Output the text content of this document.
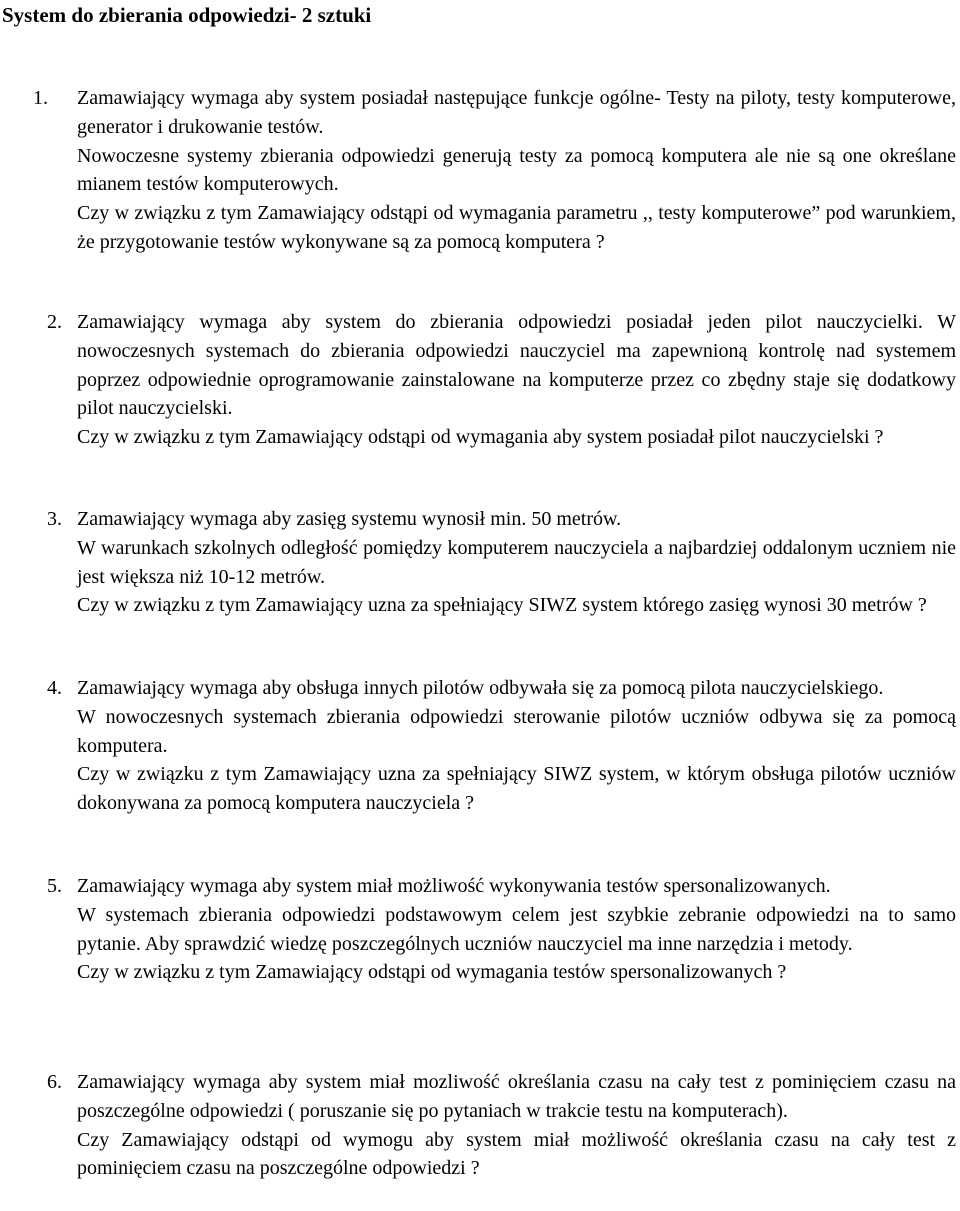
System do zbierania odpowiedzi- 2 sztuki
1. Zamawiający wymaga aby system posiadał następujące funkcje ogólne- Testy na piloty, testy komputerowe, generator i drukowanie testów.

Nowoczesne systemy zbierania odpowiedzi generują testy za pomocą komputera ale nie są one określane mianem testów komputerowych.

Czy w związku z tym Zamawiający odstąpi od wymagania parametru ,, testy komputerowe” pod warunkiem, że przygotowanie testów wykonywane są za pomocą komputera ?

2. Zamawiający wymaga aby system do zbierania odpowiedzi posiadał jeden pilot nauczycielki. W nowoczesnych systemach do zbierania odpowiedzi nauczyciel ma zapewnioną kontrolę nad systemem poprzez odpowiednie oprogramowanie zainstalowane na komputerze przez co zbędny staje się dodatkowy pilot nauczycielski.

Czy w związku z tym Zamawiający odstąpi od wymagania aby system posiadał pilot nauczycielski ?

3. Zamawiający wymaga aby zasięg systemu wynosił min. 50 metrów.

W warunkach szkolnych odległość pomiędzy komputerem nauczyciela a najbardziej oddalonym uczniem nie jest większa niż 10-12 metrów.

Czy w związku z tym Zamawiający uzna za spełniający SIWZ system którego zasięg wynosi 30 metrów ?

4. Zamawiający wymaga aby obsługa innych pilotów odbywała się za pomocą pilota nauczycielskiego.

W nowoczesnych systemach zbierania odpowiedzi sterowanie pilotów uczniów odbywa się za pomocą komputera.

Czy w związku z tym Zamawiający uzna za spełniający SIWZ system, w którym obsługa pilotów uczniów dokonywana za pomocą komputera nauczyciela ?

5. Zamawiający wymaga aby system miał możliwość wykonywania testów spersonalizowanych.

W systemach zbierania odpowiedzi podstawowym celem jest szybkie zebranie odpowiedzi na to samo pytanie. Aby sprawdzić wiedzę poszczególnych uczniów nauczyciel ma inne narzędzia i metody.

Czy w związku z tym Zamawiający odstąpi od wymagania testów spersonalizowanych ?

6. Zamawiający wymaga aby system miał mozliwość określania czasu na cały test z pominięciem czasu na poszczególne odpowiedzi ( poruszanie się po pytaniach w trakcie testu na komputerach).

Czy Zamawiający odstąpi od wymogu aby system miał możliwość określania czasu na cały test z pominięciem czasu na poszczególne odpowiedzi ?
